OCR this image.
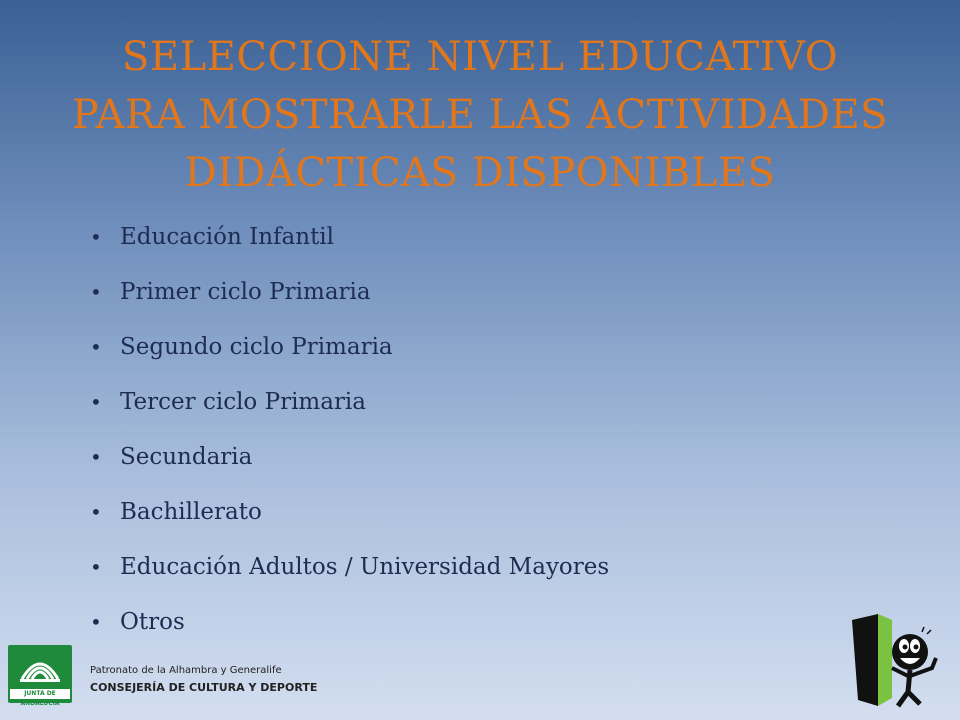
SELECCIONE NIVEL EDUCATIVO
PARA MOSTRARLE LAS ACTIVIDADES
DIDÁCTICAS DISPONIBLES
• Educación Infantil
• Primer ciclo Primaria
• Segundo ciclo Primaria
• Tercer ciclo Primaria
• Secundaria
• Bachillerato
• Educación Adultos / Universidad Mayores
• Otros
JUNTA DE ANDALUCIA
Patronato de la Alhambra y Generalife
CONSEJERÍA DE CULTURA Y DEPORTE
